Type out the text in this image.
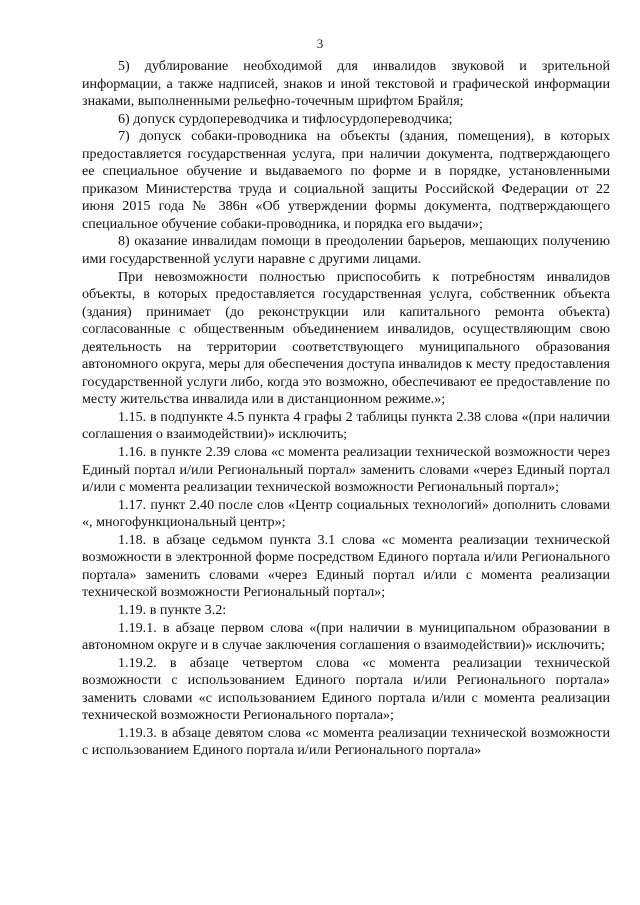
3

5) дублирование необходимой для инвалидов звуковой и зрительной информации, а также надписей, знаков и иной текстовой и графической информации знаками, выполненными рельефно-точечным шрифтом Брайля;

6) допуск сурдопереводчика и тифлосурдопереводчика;

7) допуск собаки-проводника на объекты (здания, помещения), в которых предоставляется государственная услуга, при наличии документа, подтверждающего ее специальное обучение и выдаваемого по форме и в порядке, установленными приказом Министерства труда и социальной защиты Российской Федерации от 22 июня 2015 года № 386н «Об утверждении формы документа, подтверждающего специальное обучение собаки-проводника, и порядка его выдачи»;

8) оказание инвалидам помощи в преодолении барьеров, мешающих получению ими государственной услуги наравне с другими лицами.

При невозможности полностью приспособить к потребностям инвалидов объекты, в которых предоставляется государственная услуга, собственник объекта (здания) принимает (до реконструкции или капитального ремонта объекта) согласованные с общественным объединением инвалидов, осуществляющим свою деятельность на территории соответствующего муниципального образования автономного округа, меры для обеспечения доступа инвалидов к месту предоставления государственной услуги либо, когда это возможно, обеспечивают ее предоставление по месту жительства инвалида или в дистанционном режиме.»;

1.15. в подпункте 4.5 пункта 4 графы 2 таблицы пункта 2.38 слова «(при наличии соглашения о взаимодействии)» исключить;

1.16. в пункте 2.39 слова «с момента реализации технической возможности через Единый портал и/или Региональный портал» заменить словами «через Единый портал и/или с момента реализации технической возможности Региональный портал»;

1.17. пункт 2.40 после слов «Центр социальных технологий» дополнить словами «, многофункциональный центр»;

1.18. в абзаце седьмом пункта 3.1 слова «с момента реализации технической возможности в электронной форме посредством Единого портала и/или Регионального портала» заменить словами «через Единый портал и/или с момента реализации технической возможности Региональный портал»;

1.19. в пункте 3.2:

1.19.1. в абзаце первом слова «(при наличии в муниципальном образовании в автономном округе и в случае заключения соглашения о взаимодействии)» исключить;

1.19.2. в абзаце четвертом слова «с момента реализации технической возможности с использованием Единого портала и/или Регионального портала» заменить словами «с использованием Единого портала и/или с момента реализации технической возможности Регионального портала»;

1.19.3. в абзаце девятом слова «с момента реализации технической возможности с использованием Единого портала и/или Регионального портала»
